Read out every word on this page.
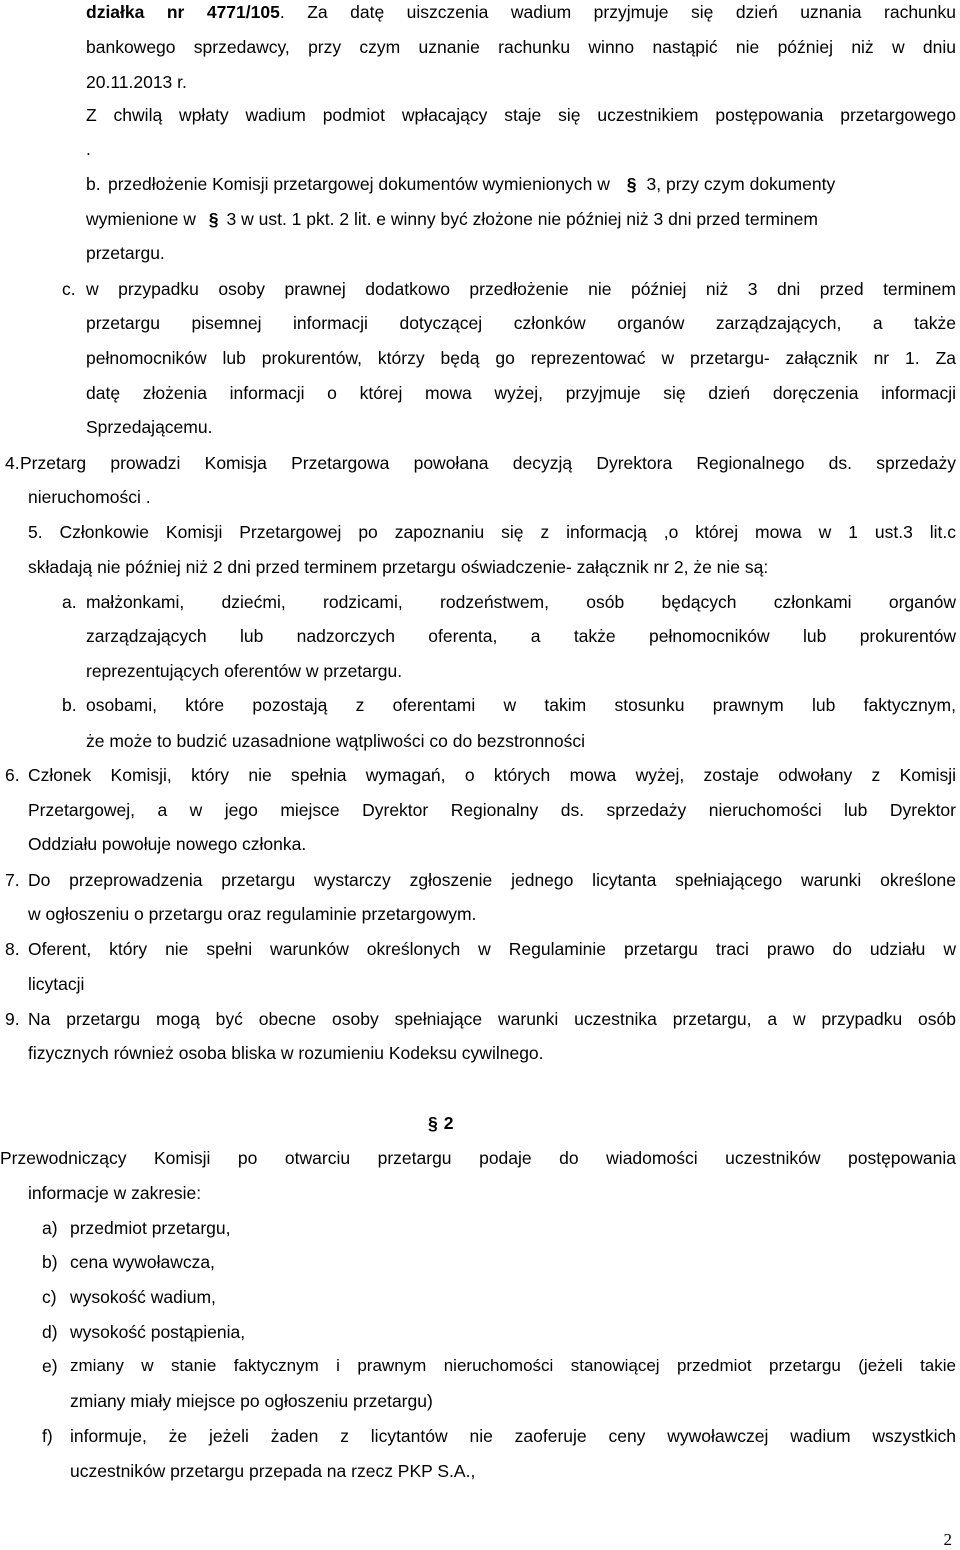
działka nr 4771/105. Za datę uiszczenia wadium przyjmuje się dzień uznania rachunku
bankowego sprzedawcy, przy czym uznanie rachunku winno nastąpić nie później niż w dniu
20.11.2013 r.
Z chwilą wpłaty wadium podmiot wpłacający staje się uczestnikiem postępowania przetargowego
.
b. przedłożenie Komisji przetargowej dokumentów wymienionych w § 3, przy czym dokumenty
wymienione w § 3 w ust. 1 pkt. 2 lit. e winny być złożone nie później niż 3 dni przed terminem
przetargu.
c. w przypadku osoby prawnej dodatkowo przedłożenie nie później niż 3 dni przed terminem
przetargu pisemnej informacji dotyczącej członków organów zarządzających, a także
pełnomocników lub prokurentów, którzy będą go reprezentować w przetargu- załącznik nr 1. Za
datę złożenia informacji o której mowa wyżej, przyjmuje się dzień doręczenia informacji
Sprzedającemu.
4. Przetarg prowadzi Komisja Przetargowa powołana decyzją Dyrektora Regionalnego ds. sprzedaży
nieruchomości .
5. Członkowie Komisji Przetargowej po zapoznaniu się z informacją ,o której mowa w 1 ust.3 lit.c
składają nie później niż 2 dni przed terminem przetargu oświadczenie- załącznik nr 2, że nie są:
a. małżonkami, dziećmi, rodzicami, rodzeństwem, osób będących członkami organów
zarządzających lub nadzorczych oferenta, a także pełnomocników lub prokurentów
reprezentujących oferentów w przetargu.
b. osobami, które pozostają z oferentami w takim stosunku prawnym lub faktycznym,
że może to budzić uzasadnione wątpliwości co do bezstronności
6. Członek Komisji, który nie spełnia wymagań, o których mowa wyżej, zostaje odwołany z Komisji
Przetargowej, a w jego miejsce Dyrektor Regionalny ds. sprzedaży nieruchomości lub Dyrektor
Oddziału powołuje nowego członka.
7. Do przeprowadzenia przetargu wystarczy zgłoszenie jednego licytanta spełniającego warunki określone
w ogłoszeniu o przetargu oraz regulaminie przetargowym.
8. Oferent, który nie spełni warunków określonych w Regulaminie przetargu traci prawo do udziału w
licytacji
9. Na przetargu mogą być obecne osoby spełniające warunki uczestnika przetargu, a w przypadku osób
fizycznych również osoba bliska w rozumieniu Kodeksu cywilnego.
§ 2
Przewodniczący Komisji po otwarciu przetargu podaje do wiadomości uczestników postępowania
informacje w zakresie:
a) przedmiot przetargu,
b) cena wywoławcza,
c) wysokość wadium,
d) wysokość postąpienia,
e) zmiany w stanie faktycznym i prawnym nieruchomości stanowiącej przedmiot przetargu (jeżeli takie
zmiany miały miejsce po ogłoszeniu przetargu)
f) informuje, że jeżeli żaden z licytantów nie zaoferuje ceny wywoławczej wadium wszystkich
uczestników przetargu przepada na rzecz PKP S.A.,
2
